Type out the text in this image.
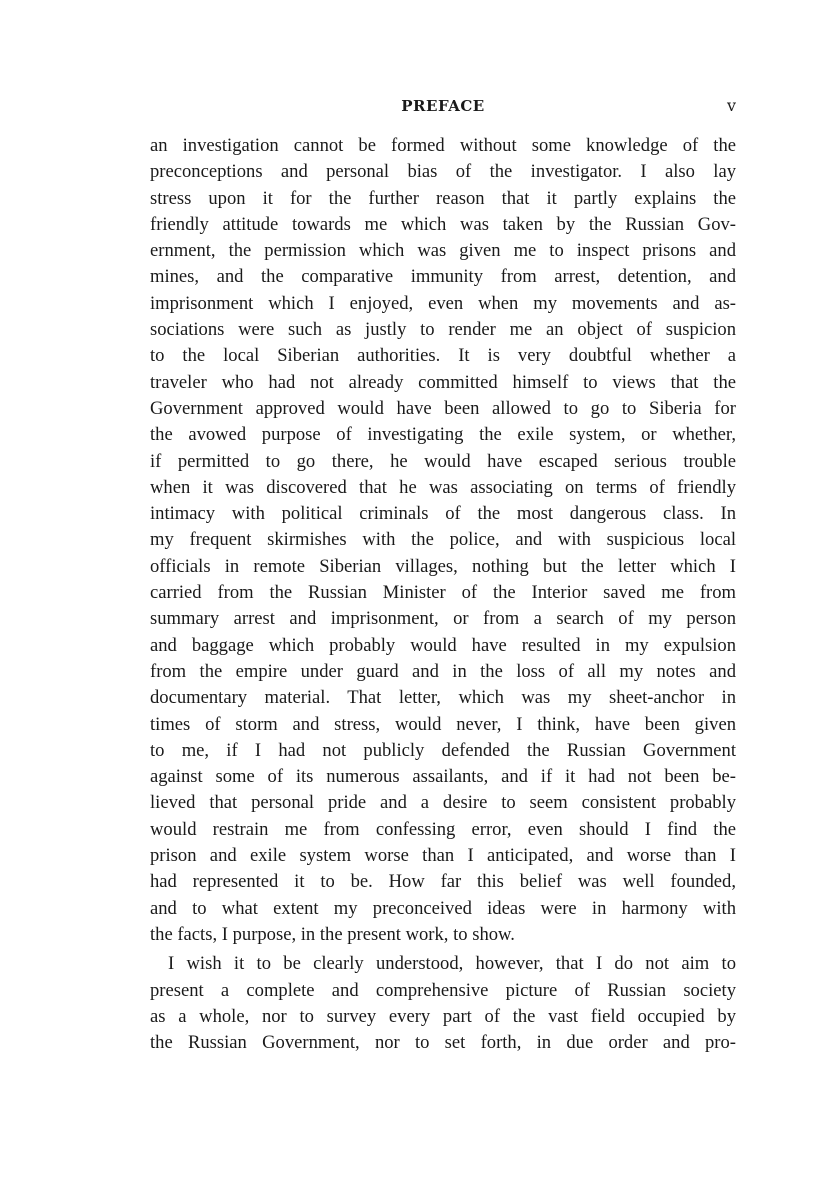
PREFACE	v

an investigation cannot be formed without some knowledge of the
preconceptions and personal bias of the investigator. I also lay
stress upon it for the further reason that it partly explains the
friendly attitude towards me which was taken by the Russian Gov-
ernment, the permission which was given me to inspect prisons and
mines, and the comparative immunity from arrest, detention, and
imprisonment which I enjoyed, even when my movements and as-
sociations were such as justly to render me an object of suspicion
to the local Siberian authorities. It is very doubtful whether a
traveler who had not already committed himself to views that the
Government approved would have been allowed to go to Siberia for
the avowed purpose of investigating the exile system, or whether,
if permitted to go there, he would have escaped serious trouble
when it was discovered that he was associating on terms of friendly
intimacy with political criminals of the most dangerous class. In
my frequent skirmishes with the police, and with suspicious local
officials in remote Siberian villages, nothing but the letter which I
carried from the Russian Minister of the Interior saved me from
summary arrest and imprisonment, or from a search of my person
and baggage which probably would have resulted in my expulsion
from the empire under guard and in the loss of all my notes and
documentary material. That letter, which was my sheet-anchor in
times of storm and stress, would never, I think, have been given
to me, if I had not publicly defended the Russian Government
against some of its numerous assailants, and if it had not been be-
lieved that personal pride and a desire to seem consistent probably
would restrain me from confessing error, even should I find the
prison and exile system worse than I anticipated, and worse than I
had represented it to be. How far this belief was well founded,
and to what extent my preconceived ideas were in harmony with
the facts, I purpose, in the present work, to show.

I wish it to be clearly understood, however, that I do not aim to
present a complete and comprehensive picture of Russian society
as a whole, nor to survey every part of the vast field occupied by
the Russian Government, nor to set forth, in due order and pro-
